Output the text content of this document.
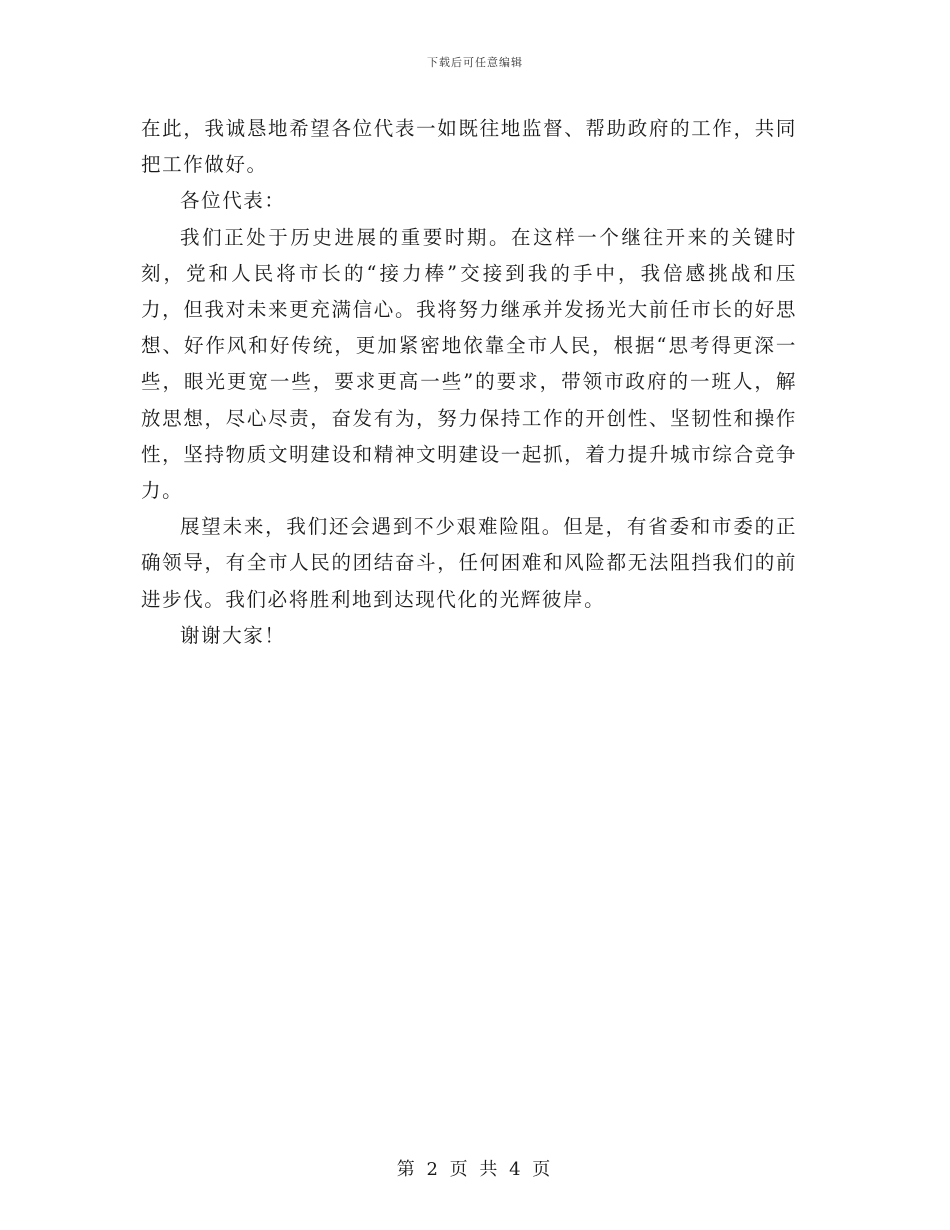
下载后可任意编辑

在此，我诚恳地希望各位代表一如既往地监督、帮助政府的工作，共同把工作做好。

各位代表：

我们正处于历史进展的重要时期。在这样一个继往开来的关键时刻，党和人民将市长的“接力棒”交接到我的手中，我倍感挑战和压力，但我对未来更充满信心。我将努力继承并发扬光大前任市长的好思想、好作风和好传统，更加紧密地依靠全市人民，根据“思考得更深一些，眼光更宽一些，要求更高一些”的要求，带领市政府的一班人，解放思想，尽心尽责，奋发有为，努力保持工作的开创性、坚韧性和操作性，坚持物质文明建设和精神文明建设一起抓，着力提升城市综合竞争力。

展望未来，我们还会遇到不少艰难险阻。但是，有省委和市委的正确领导，有全市人民的团结奋斗，任何困难和风险都无法阻挡我们的前进步伐。我们必将胜利地到达现代化的光辉彼岸。

谢谢大家！

第 2 页 共 4 页
